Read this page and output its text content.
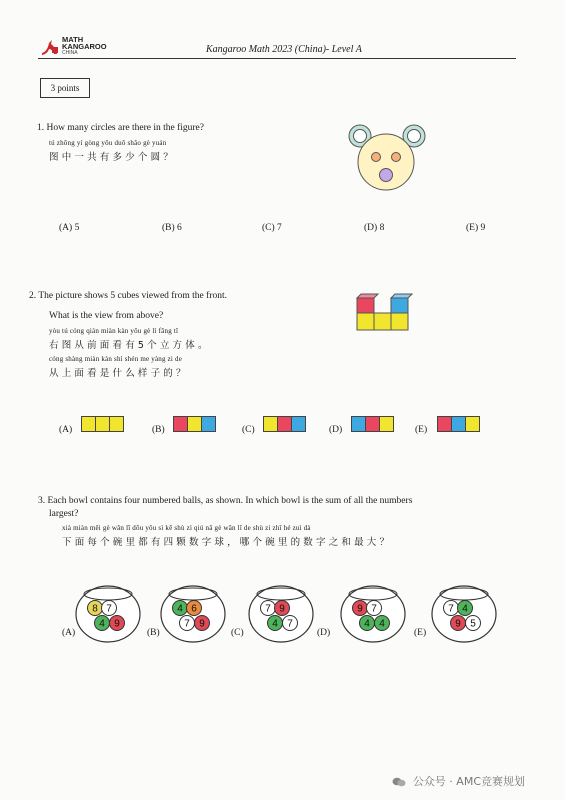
MATH
KANGAROO
CHINA	Kangaroo Math 2023 (China)- Level A
3 points
1. How many circles are there in the figure?
tú zhōng yí gòng yǒu duō shǎo gè yuán
图中一共有多少个圆？
(A) 5	(B) 6	(C) 7	(D) 8	(E) 9
2. The picture shows 5 cubes viewed from the front.
What is the view from above?
yòu tú cóng qián miàn kàn yǒu gè lì fāng tǐ
右图从前面看有5个立方体。
cóng shàng miàn kàn shì shén me yàng zi de
从上面看是什么样子的？
(A)	(B)	(C)	(D)	(E)
3. Each bowl contains four numbered balls, as shown. In which bowl is the sum of all the numbers
largest?
xià miàn měi gè wǎn lǐ dōu yǒu sì kē shù zì qiú nǎ gè wǎn lǐ de shù zi zhī hé zuì dà
下面每个碗里都有四颗数字球，哪个碗里的数字之和最大？
8 7
4 9
4 6
7 9
7 9
4 7
9 7
4 4
7 4
9 5
(A)	(B)	(C)	(D)	(E)
公众号 · AMC竞赛规划
